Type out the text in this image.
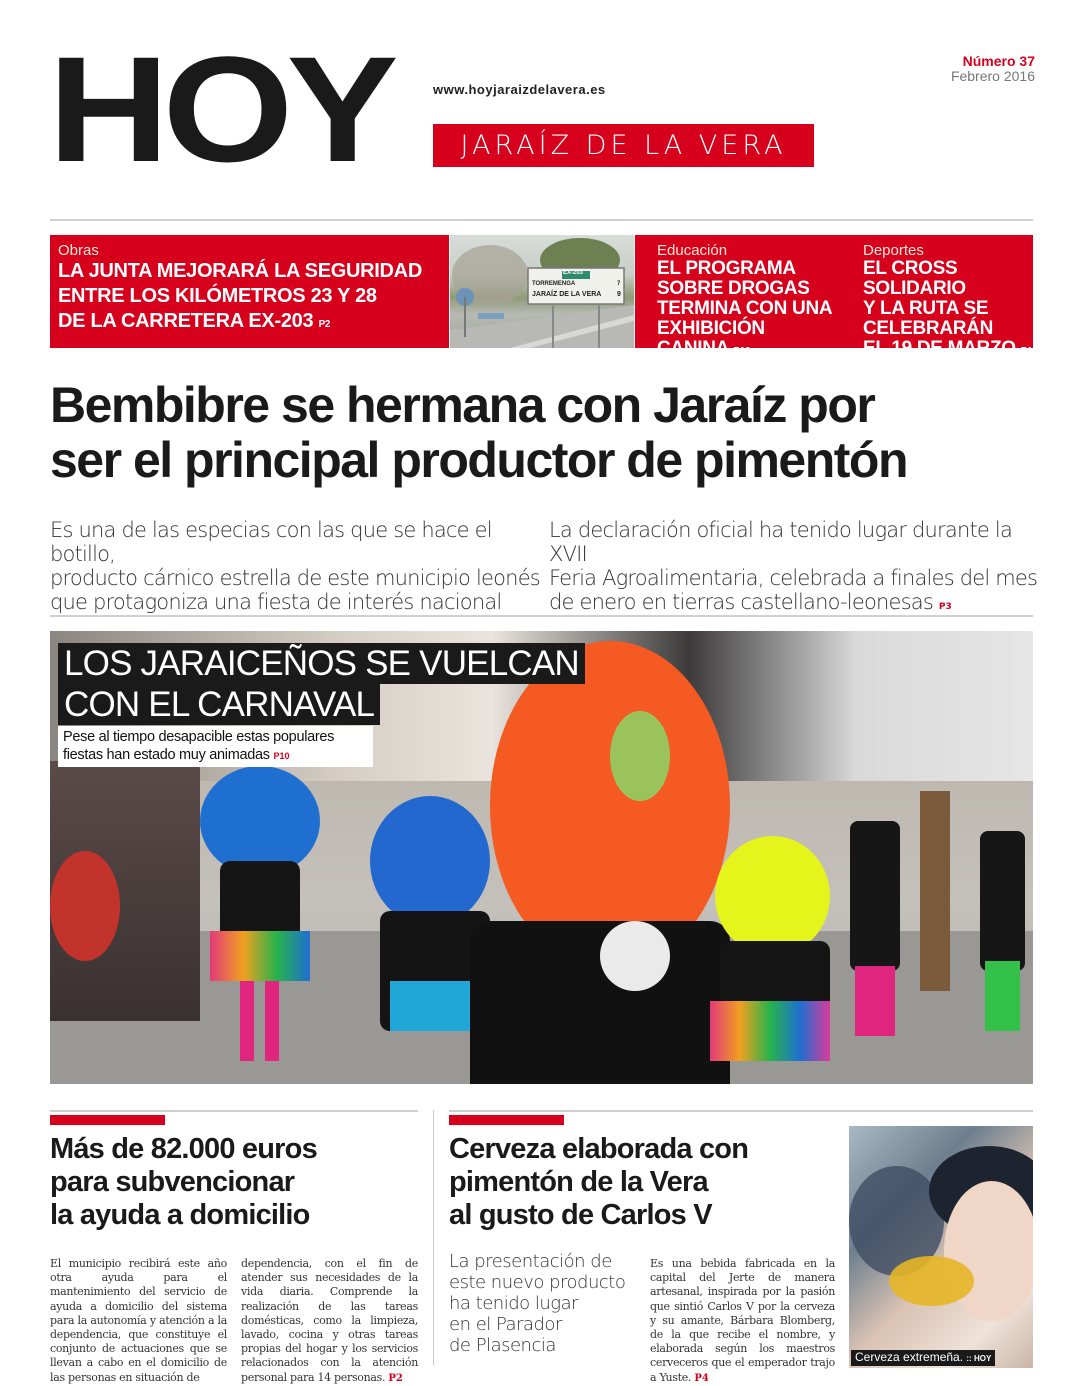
HOY	www.hoyjaraizdelavera.es
JARAÍZ DE LA VERA
Número 37
Febrero 2016
Obras
LA JUNTA MEJORARÁ LA SEGURIDAD
ENTRE LOS KILÓMETROS 23 Y 28
DE LA CARRETERA EX-203 P2
EX-203
TORREMENGA	7
JARAÍZ DE LA VERA 9
Educación
EL PROGRAMA
SOBRE DROGAS
TERMINA CON UNA
EXHIBICIÓN CANINA P13
Deportes
EL CROSS SOLIDARIO
Y LA RUTA SE
CELEBRARÁN
EL 19 DE MARZO P15
Bembibre se hermana con Jaraíz por
ser el principal productor de pimentón
Es una de las especias con las que se hace el botillo,
producto cárnico estrella de este municipio leonés
que protagoniza una fiesta de interés nacional
La declaración oficial ha tenido lugar durante la XVII
Feria Agroalimentaria, celebrada a finales del mes
de enero en tierras castellano-leonesas P3
LOS JARAICEÑOS SE VUELCAN
CON EL CARNAVAL
Pese al tiempo desapacible estas populares
fiestas han estado muy animadas P10
Más de 82.000 euros
para subvencionar
la ayuda a domicilio
El municipio recibirá este año otra ayuda para el mantenimiento del servicio de ayuda a domicilio del sistema para la autonomía y atención a la dependencia, que constituye el conjunto de actuaciones que se llevan a cabo en el domicilio de las personas en situación de
dependencia, con el fin de atender sus necesidades de la vida diaria. Comprende la realización de las tareas domésticas, como la limpieza, lavado, cocina y otras tareas propias del hogar y los servicios relacionados con la atención personal para 14 personas. P2
Cerveza elaborada con
pimentón de la Vera
al gusto de Carlos V
La presentación de
este nuevo producto
ha tenido lugar
en el Parador
de Plasencia
Es una bebida fabricada en la capital del Jerte de manera artesanal, inspirada por la pasión que sintió Carlos V por la cerveza y su amante, Bárbara Blomberg, de la que recibe el nombre, y elaborada según los maestros cerveceros que el emperador trajo a Yuste. P4
Cerveza extremeña. :: HOY
